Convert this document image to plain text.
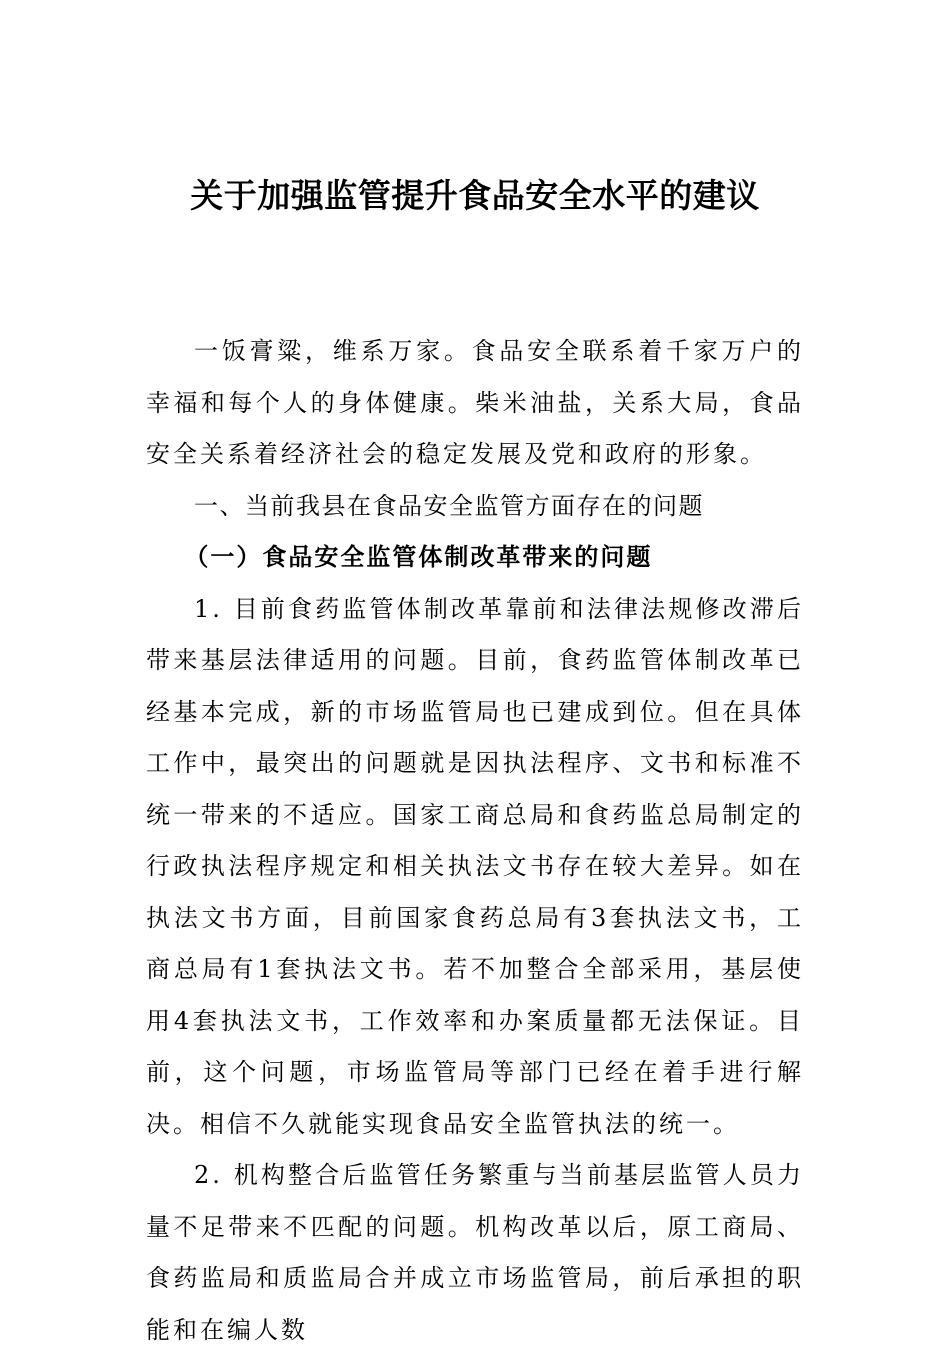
关于加强监管提升食品安全水平的建议

一饭膏粱，维系万家。食品安全联系着千家万户的幸福和每个人的身体健康。柴米油盐，关系大局，食品安全关系着经济社会的稳定发展及党和政府的形象。

一、当前我县在食品安全监管方面存在的问题

（一）食品安全监管体制改革带来的问题

1. 目前食药监管体制改革靠前和法律法规修改滞后带来基层法律适用的问题。目前，食药监管体制改革已经基本完成，新的市场监管局也已建成到位。但在具体工作中，最突出的问题就是因执法程序、文书和标准不统一带来的不适应。国家工商总局和食药监总局制定的行政执法程序规定和相关执法文书存在较大差异。如在执法文书方面，目前国家食药总局有3套执法文书，工商总局有1套执法文书。若不加整合全部采用，基层使用4套执法文书，工作效率和办案质量都无法保证。目前，这个问题，市场监管局等部门已经在着手进行解决。相信不久就能实现食品安全监管执法的统一。

2. 机构整合后监管任务繁重与当前基层监管人员力量不足带来不匹配的问题。机构改革以后，原工商局、食药监局和质监局合并成立市场监管局，前后承担的职能和在编人数
